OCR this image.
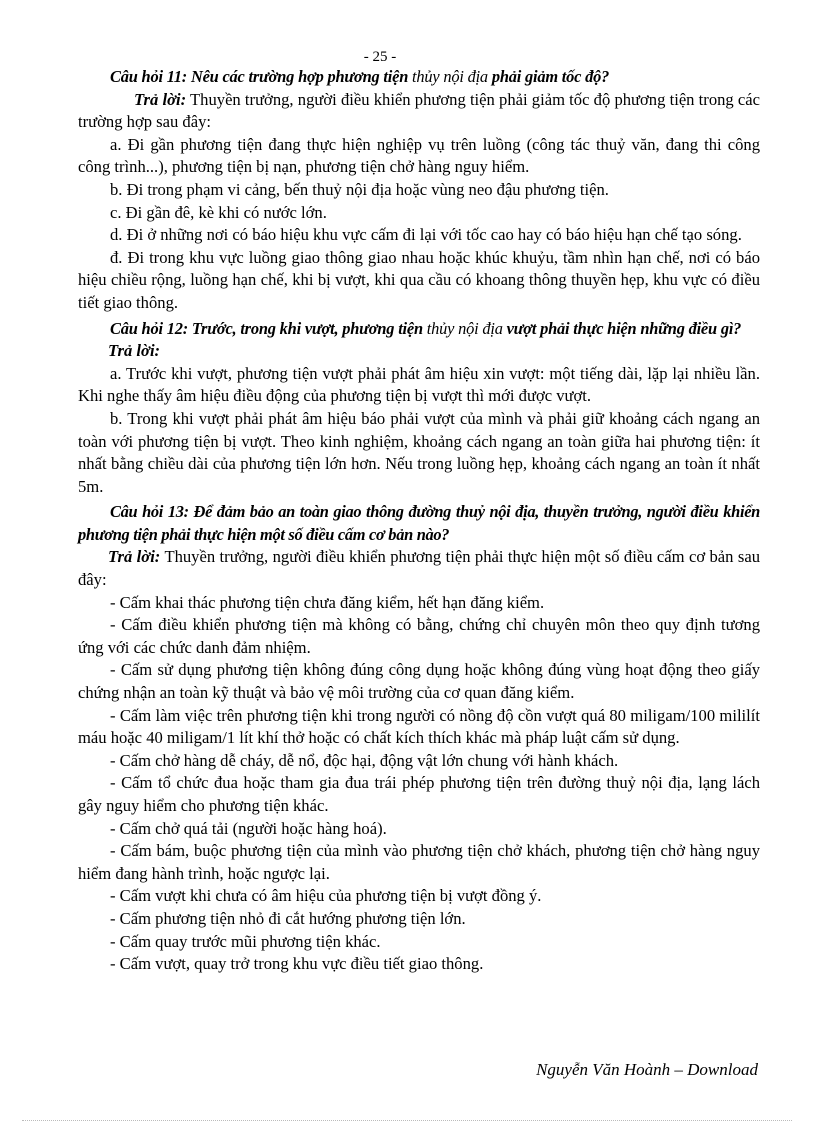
- 25 -

Câu hỏi 11: Nêu các trường hợp phương tiện thủy nội địa phải giảm tốc độ?

Trả lời: Thuyền trưởng, người điều khiển phương tiện phải giảm tốc độ phương tiện trong các trường hợp sau đây:

a. Đi gần phương tiện đang thực hiện nghiệp vụ trên luồng (công tác thuỷ văn, đang thi công công trình...), phương tiện bị nạn, phương tiện chở hàng nguy hiểm.

b. Đi trong phạm vi cảng, bến thuỷ nội địa hoặc vùng neo đậu phương tiện.

c. Đi gần đê, kè khi có nước lớn.

d. Đi ở những nơi có báo hiệu khu vực cấm đi lại với tốc cao hay có báo hiệu hạn chế tạo sóng.

đ. Đi trong khu vực luồng giao thông giao nhau hoặc khúc khuỷu, tầm nhìn hạn chế, nơi có báo hiệu chiều rộng, luồng hạn chế, khi bị vượt, khi qua cầu có khoang thông thuyền hẹp, khu vực có điều tiết giao thông.

Câu hỏi 12: Trước, trong khi vượt, phương tiện thủy nội địa vượt phải thực hiện những điều gì?

Trả lời:

a. Trước khi vượt, phương tiện vượt phải phát âm hiệu xin vượt: một tiếng dài, lặp lại nhiều lần. Khi nghe thấy âm hiệu điều động của phương tiện bị vượt thì mới được vượt.

b. Trong khi vượt phải phát âm hiệu báo phải vượt của mình và phải giữ khoảng cách ngang an toàn với phương tiện bị vượt. Theo kinh nghiệm, khoảng cách ngang an toàn giữa hai phương tiện: ít nhất bằng chiều dài của phương tiện lớn hơn. Nếu trong luồng hẹp, khoảng cách ngang an toàn ít nhất 5m.

Câu hỏi 13: Để đảm bảo an toàn giao thông đường thuỷ nội địa, thuyền trưởng, người điều khiển phương tiện phải thực hiện một số điều cấm cơ bản nào?

Trả lời: Thuyền trưởng, người điều khiển phương tiện phải thực hiện một số điều cấm cơ bản sau đây:

- Cấm khai thác phương tiện chưa đăng kiểm, hết hạn đăng kiểm.

- Cấm điều khiển phương tiện mà không có bằng, chứng chỉ chuyên môn theo quy định tương ứng với các chức danh đảm nhiệm.

- Cấm sử dụng phương tiện không đúng công dụng hoặc không đúng vùng hoạt động theo giấy chứng nhận an toàn kỹ thuật và bảo vệ môi trường của cơ quan đăng kiểm.

- Cấm làm việc trên phương tiện khi trong người có nồng độ cồn vượt quá 80 miligam/100 mililít máu hoặc 40 miligam/1 lít khí thở hoặc có chất kích thích khác mà pháp luật cấm sử dụng.

- Cấm chở hàng dễ cháy, dễ nổ, độc hại, động vật lớn chung với hành khách.

- Cấm tổ chức đua hoặc tham gia đua trái phép phương tiện trên đường thuỷ nội địa, lạng lách gây nguy hiểm cho phương tiện khác.

- Cấm chở quá tải (người hoặc hàng hoá).

- Cấm bám, buộc phương tiện của mình vào phương tiện chở khách, phương tiện chở hàng nguy hiểm đang hành trình, hoặc ngược lại.

- Cấm vượt khi chưa có âm hiệu của phương tiện bị vượt đồng ý.

- Cấm phương tiện nhỏ đi cắt hướng phương tiện lớn.

- Cấm quay trước mũi phương tiện khác.

- Cấm vượt, quay trở trong khu vực điều tiết giao thông.

Nguyễn Văn Hoành – Download
